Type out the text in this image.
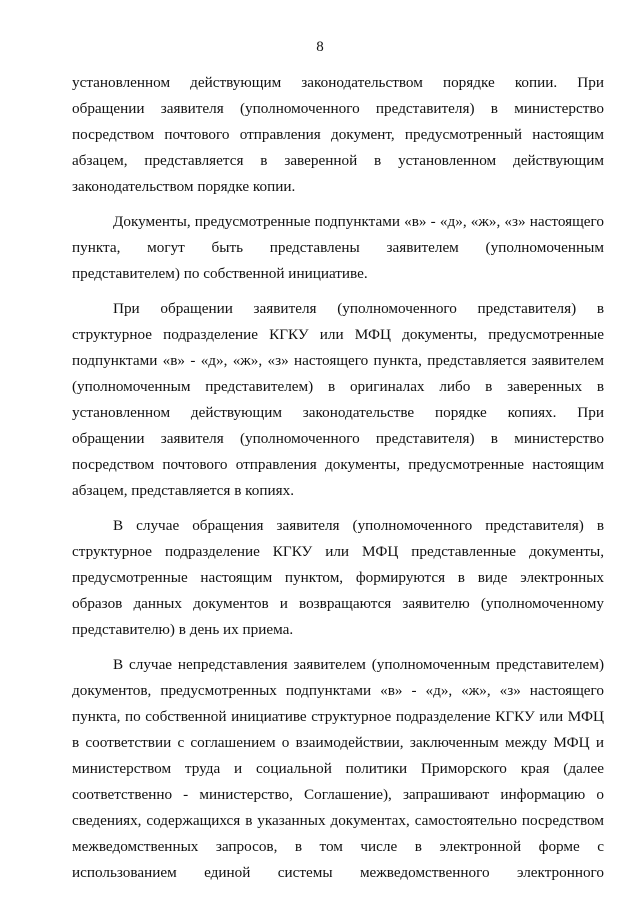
8

установленном действующим законодательством порядке копии. При
обращении заявителя (уполномоченного представителя) в министерство
посредством почтового отправления документ, предусмотренный настоящим
абзацем, представляется в заверенной в установленном действующим
законодательством порядке копии.

Документы, предусмотренные подпунктами «в» - «д», «ж», «з» настоящего
пункта, могут быть представлены заявителем (уполномоченным
представителем) по собственной инициативе.

При обращении заявителя (уполномоченного представителя) в
структурное подразделение КГКУ или МФЦ документы, предусмотренные
подпунктами «в» - «д», «ж», «з» настоящего пункта, представляется заявителем
(уполномоченным представителем) в оригиналах либо в заверенных в
установленном действующим законодательстве порядке копиях. При
обращении заявителя (уполномоченного представителя) в министерство
посредством почтового отправления документы, предусмотренные настоящим
абзацем, представляется в копиях.

В случае обращения заявителя (уполномоченного представителя) в
структурное подразделение КГКУ или МФЦ представленные документы,
предусмотренные настоящим пунктом, формируются в виде электронных
образов данных документов и возвращаются заявителю (уполномоченному
представителю) в день их приема.

В случае непредставления заявителем (уполномоченным представителем)
документов, предусмотренных подпунктами «в» - «д», «ж», «з» настоящего
пункта, по собственной инициативе структурное подразделение КГКУ или МФЦ
в соответствии с соглашением о взаимодействии, заключенным между МФЦ и
министерством труда и социальной политики Приморского края (далее
соответственно - министерство, Соглашение), запрашивают информацию о
сведениях, содержащихся в указанных документах, самостоятельно посредством
межведомственных запросов, в том числе в электронной форме с
использованием единой системы межведомственного электронного
